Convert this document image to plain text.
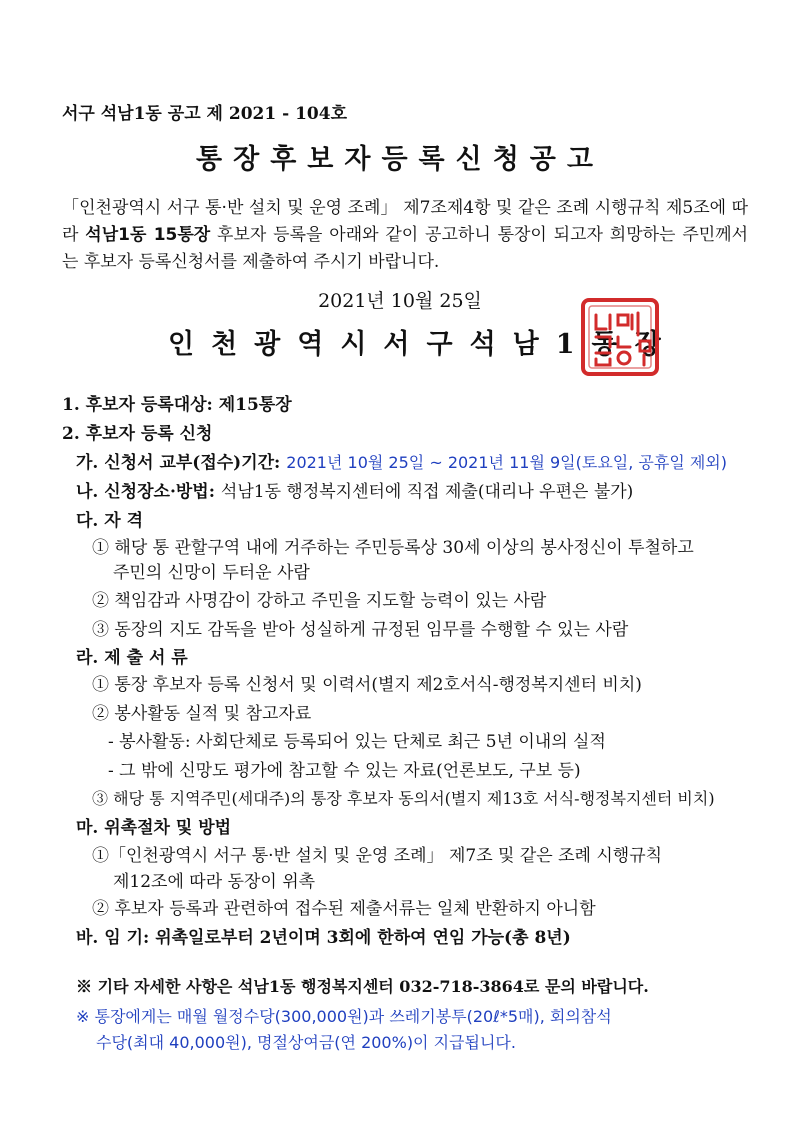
서구 석남1동 공고 제 2021 - 104호
통장후보자등록신청공고
「인천광역시 서구 통·반 설치 및 운영 조례」 제7조제4항 및 같은 조례 시행규칙 제5조에 따라 석남1동 15통장 후보자 등록을 아래와 같이 공고하니 통장이 되고자 희망하는 주민께서는 후보자 등록신청서를 제출하여 주시기 바랍니다.
2021년 10월 25일
인천광역시서구석남1동장
1. 후보자 등록대상: 제15통장
2. 후보자 등록 신청
가. 신청서 교부(접수)기간: 2021년 10월 25일 ~ 2021년 11월 9일(토요일, 공휴일 제외)
나. 신청장소·방법: 석남1동 행정복지센터에 직접 제출(대리나 우편은 불가)
다. 자 격
① 해당 통 관할구역 내에 거주하는 주민등록상 30세 이상의 봉사정신이 투철하고
주민의 신망이 두터운 사람
② 책임감과 사명감이 강하고 주민을 지도할 능력이 있는 사람
③ 동장의 지도 감독을 받아 성실하게 규정된 임무를 수행할 수 있는 사람
라. 제 출 서 류
① 통장 후보자 등록 신청서 및 이력서(별지 제2호서식-행정복지센터 비치)
② 봉사활동 실적 및 참고자료
- 봉사활동: 사회단체로 등록되어 있는 단체로 최근 5년 이내의 실적
- 그 밖에 신망도 평가에 참고할 수 있는 자료(언론보도, 구보 등)
③ 해당 통 지역주민(세대주)의 통장 후보자 동의서(별지 제13호 서식-행정복지센터 비치)
마. 위촉절차 및 방법
①「인천광역시 서구 통·반 설치 및 운영 조례」 제7조 및 같은 조례 시행규칙
제12조에 따라 동장이 위촉
② 후보자 등록과 관련하여 접수된 제출서류는 일체 반환하지 아니함
바. 임 기: 위촉일로부터 2년이며 3회에 한하여 연임 가능(총 8년)
※ 기타 자세한 사항은 석남1동 행정복지센터 032-718-3864로 문의 바랍니다.
※ 통장에게는 매월 월정수당(300,000원)과 쓰레기봉투(20ℓ*5매), 회의참석
수당(최대 40,000원), 명절상여금(연 200%)이 지급됩니다.
